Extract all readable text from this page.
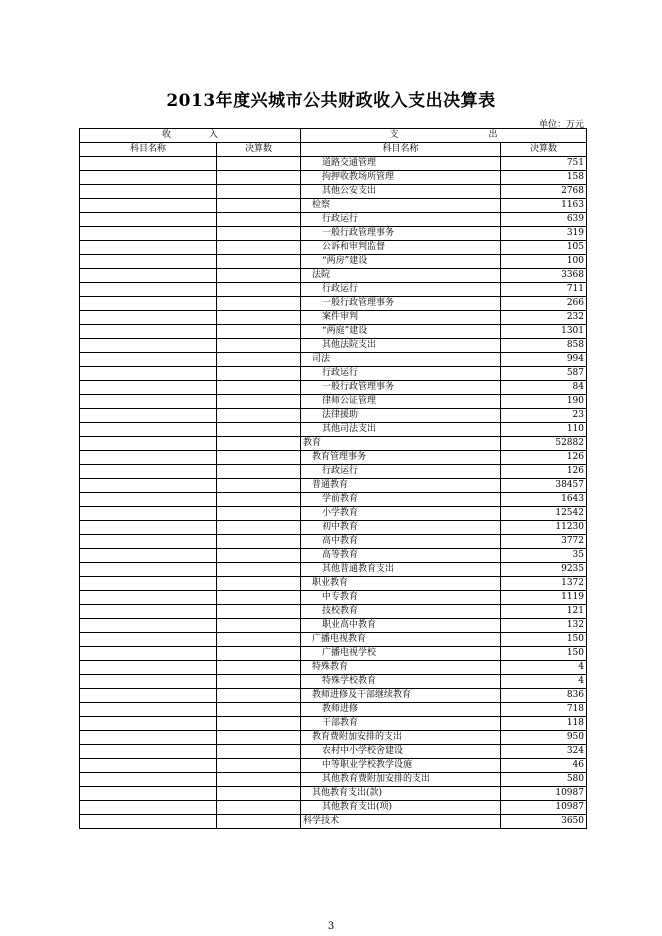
2013年度兴城市公共财政收入支出决算表
单位：万元
收 入		支 出	
科目名称	决算数	科目名称	决算数
		道路交通管理	751
		拘押收教场所管理	158
		其他公安支出	2768
		检察	1163
		行政运行	639
		一般行政管理事务	319
		公诉和审判监督	105
		“两房”建设	100
		法院	3368
		行政运行	711
		一般行政管理事务	266
		案件审判	232
		“两庭”建设	1301
		其他法院支出	858
		司法	994
		行政运行	587
		一般行政管理事务	84
		律师公证管理	190
		法律援助	23
		其他司法支出	110
		教育	52882
		教育管理事务	126
		行政运行	126
		普通教育	38457
		学前教育	1643
		小学教育	12542
		初中教育	11230
		高中教育	3772
		高等教育	35
		其他普通教育支出	9235
		职业教育	1372
		中专教育	1119
		技校教育	121
		职业高中教育	132
		广播电视教育	150
		广播电视学校	150
		特殊教育	4
		特殊学校教育	4
		教师进修及干部继续教育	836
		教师进修	718
		干部教育	118
		教育费附加安排的支出	950
		农村中小学校舍建设	324
		中等职业学校教学设施	46
		其他教育费附加安排的支出	580
		其他教育支出(款)	10987
		其他教育支出(项)	10987
		科学技术	3650
3
